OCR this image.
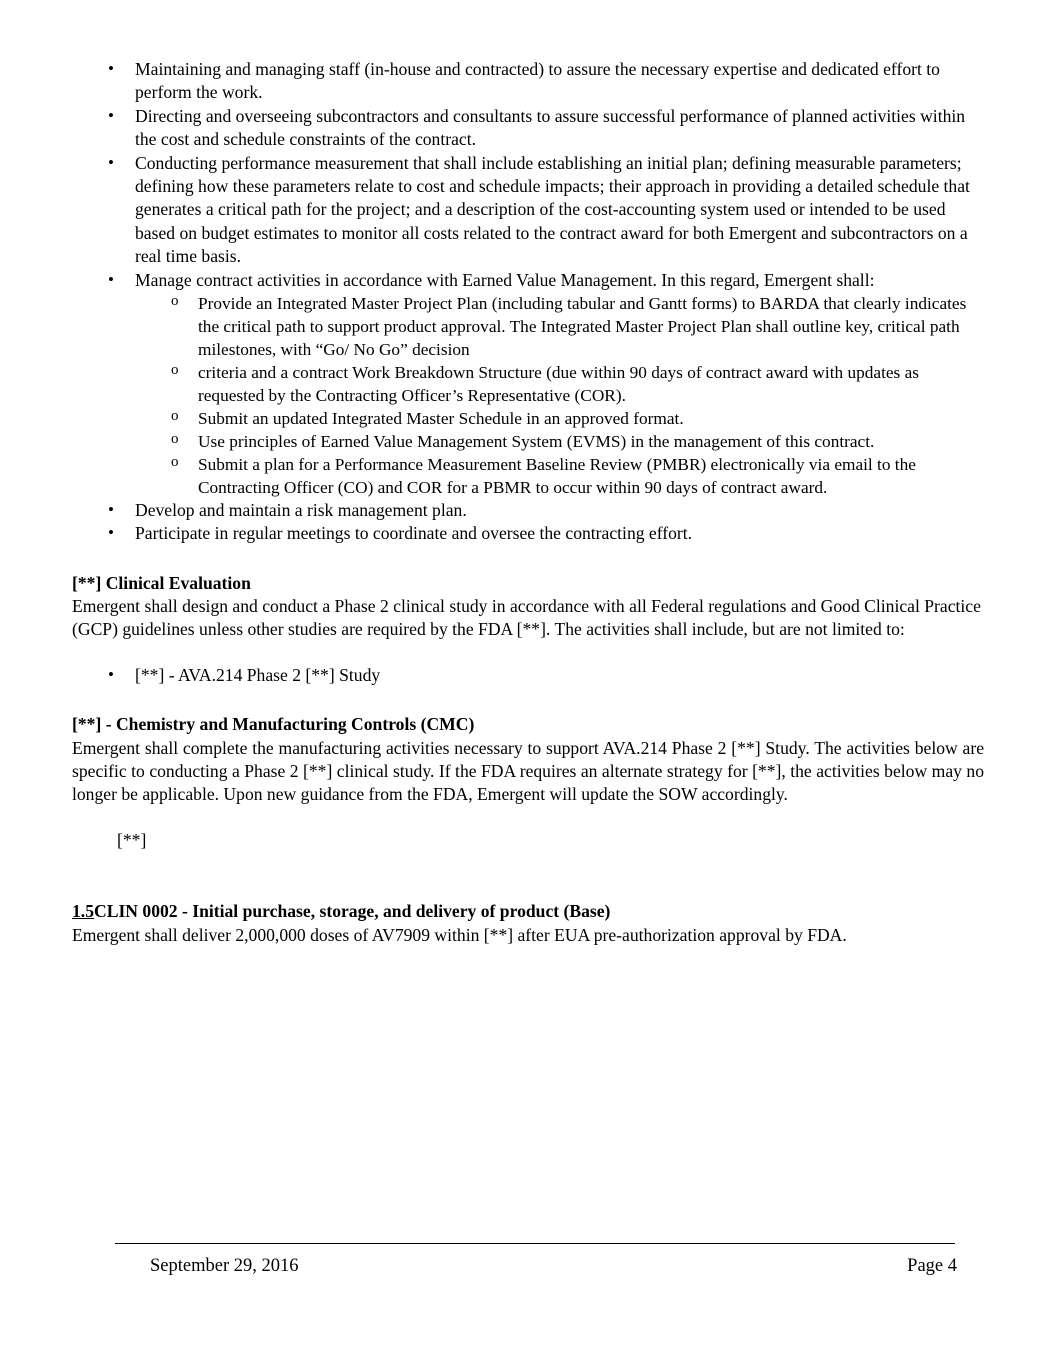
• Maintaining and managing staff (in-house and contracted) to assure the necessary expertise and dedicated effort to perform the work.
• Directing and overseeing subcontractors and consultants to assure successful performance of planned activities within the cost and schedule constraints of the contract.
• Conducting performance measurement that shall include establishing an initial plan; defining measurable parameters; defining how these parameters relate to cost and schedule impacts; their approach in providing a detailed schedule that generates a critical path for the project; and a description of the cost-accounting system used or intended to be used based on budget estimates to monitor all costs related to the contract award for both Emergent and subcontractors on a real time basis.
• Manage contract activities in accordance with Earned Value Management. In this regard, Emergent shall:
o Provide an Integrated Master Project Plan (including tabular and Gantt forms) to BARDA that clearly indicates the critical path to support product approval. The Integrated Master Project Plan shall outline key, critical path milestones, with “Go/ No Go” decision
o criteria and a contract Work Breakdown Structure (due within 90 days of contract award with updates as requested by the Contracting Officer’s Representative (COR).
o Submit an updated Integrated Master Schedule in an approved format.
o Use principles of Earned Value Management System (EVMS) in the management of this contract.
o Submit a plan for a Performance Measurement Baseline Review (PMBR) electronically via email to the Contracting Officer (CO) and COR for a PBMR to occur within 90 days of contract award.
• Develop and maintain a risk management plan.
• Participate in regular meetings to coordinate and oversee the contracting effort.
[**] Clinical Evaluation
Emergent shall design and conduct a Phase 2 clinical study in accordance with all Federal regulations and Good Clinical Practice (GCP) guidelines unless other studies are required by the FDA [**]. The activities shall include, but are not limited to:
• [**] - AVA.214 Phase 2 [**] Study
[**] - Chemistry and Manufacturing Controls (CMC)
Emergent shall complete the manufacturing activities necessary to support AVA.214 Phase 2 [**] Study. The activities below are specific to conducting a Phase 2 [**] clinical study. If the FDA requires an alternate strategy for [**], the activities below may no longer be applicable. Upon new guidance from the FDA, Emergent will update the SOW accordingly.
[**]
1.5CLIN 0002 - Initial purchase, storage, and delivery of product (Base)
Emergent shall deliver 2,000,000 doses of AV7909 within [**] after EUA pre-authorization approval by FDA.
September 29, 2016	Page 4
